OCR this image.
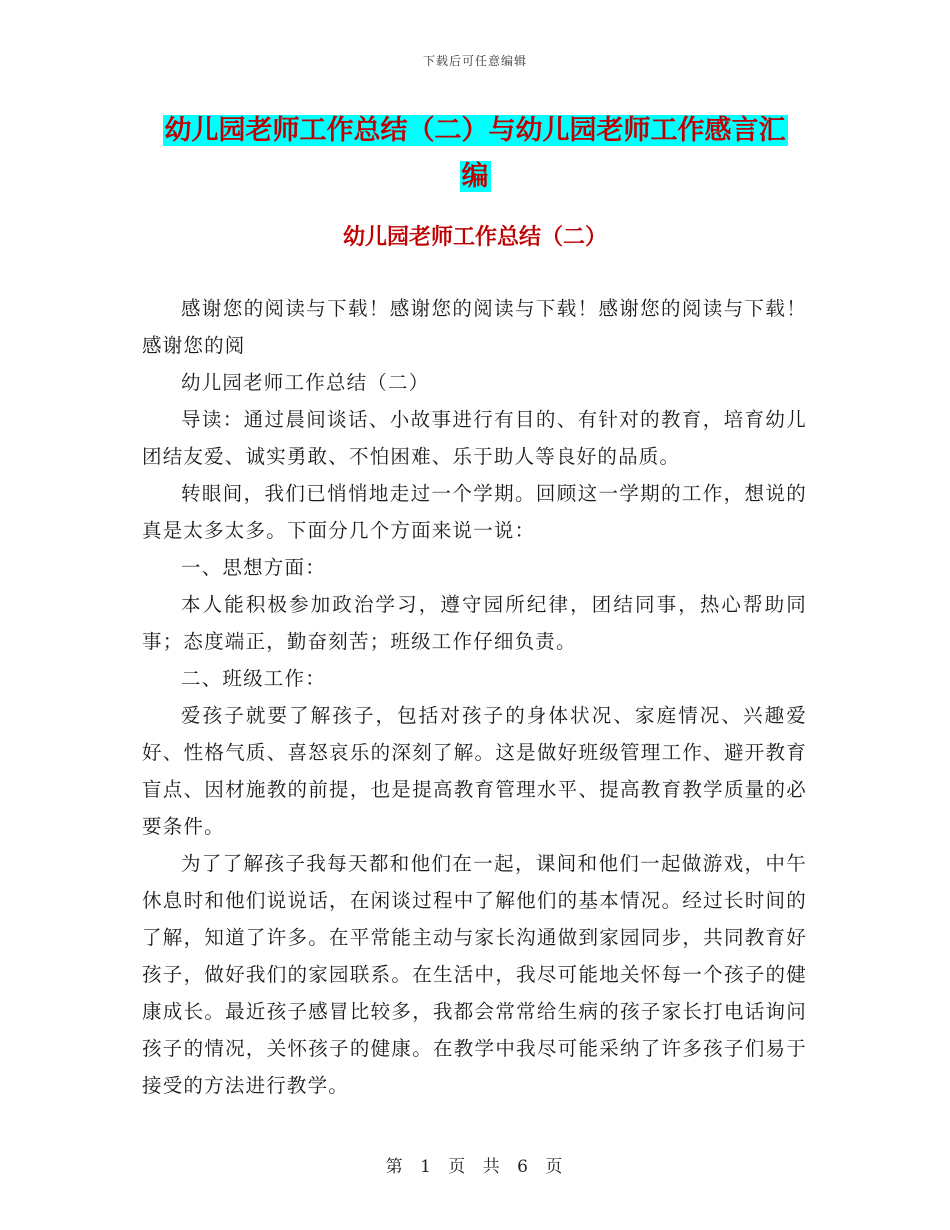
下载后可任意编辑
幼儿园老师工作总结（二）与幼儿园老师工作感言汇
编
幼儿园老师工作总结（二）

感谢您的阅读与下载！感谢您的阅读与下载！感谢您的阅读与下载！感谢您的阅

幼儿园老师工作总结（二）

导读：通过晨间谈话、小故事进行有目的、有针对的教育，培育幼儿团结友爱、诚实勇敢、不怕困难、乐于助人等良好的品质。

转眼间，我们已悄悄地走过一个学期。回顾这一学期的工作，想说的真是太多太多。下面分几个方面来说一说：

一、思想方面：

本人能积极参加政治学习，遵守园所纪律，团结同事，热心帮助同事；态度端正，勤奋刻苦；班级工作仔细负责。

二、班级工作：

爱孩子就要了解孩子，包括对孩子的身体状况、家庭情况、兴趣爱好、性格气质、喜怒哀乐的深刻了解。这是做好班级管理工作、避开教育盲点、因材施教的前提，也是提高教育管理水平、提高教育教学质量的必要条件。

为了了解孩子我每天都和他们在一起，课间和他们一起做游戏，中午休息时和他们说说话，在闲谈过程中了解他们的基本情况。经过长时间的了解，知道了许多。在平常能主动与家长沟通做到家园同步，共同教育好孩子，做好我们的家园联系。在生活中，我尽可能地关怀每一个孩子的健康成长。最近孩子感冒比较多，我都会常常给生病的孩子家长打电话询问孩子的情况，关怀孩子的健康。在教学中我尽可能采纳了许多孩子们易于接受的方法进行教学。

第 1 页 共 6 页
